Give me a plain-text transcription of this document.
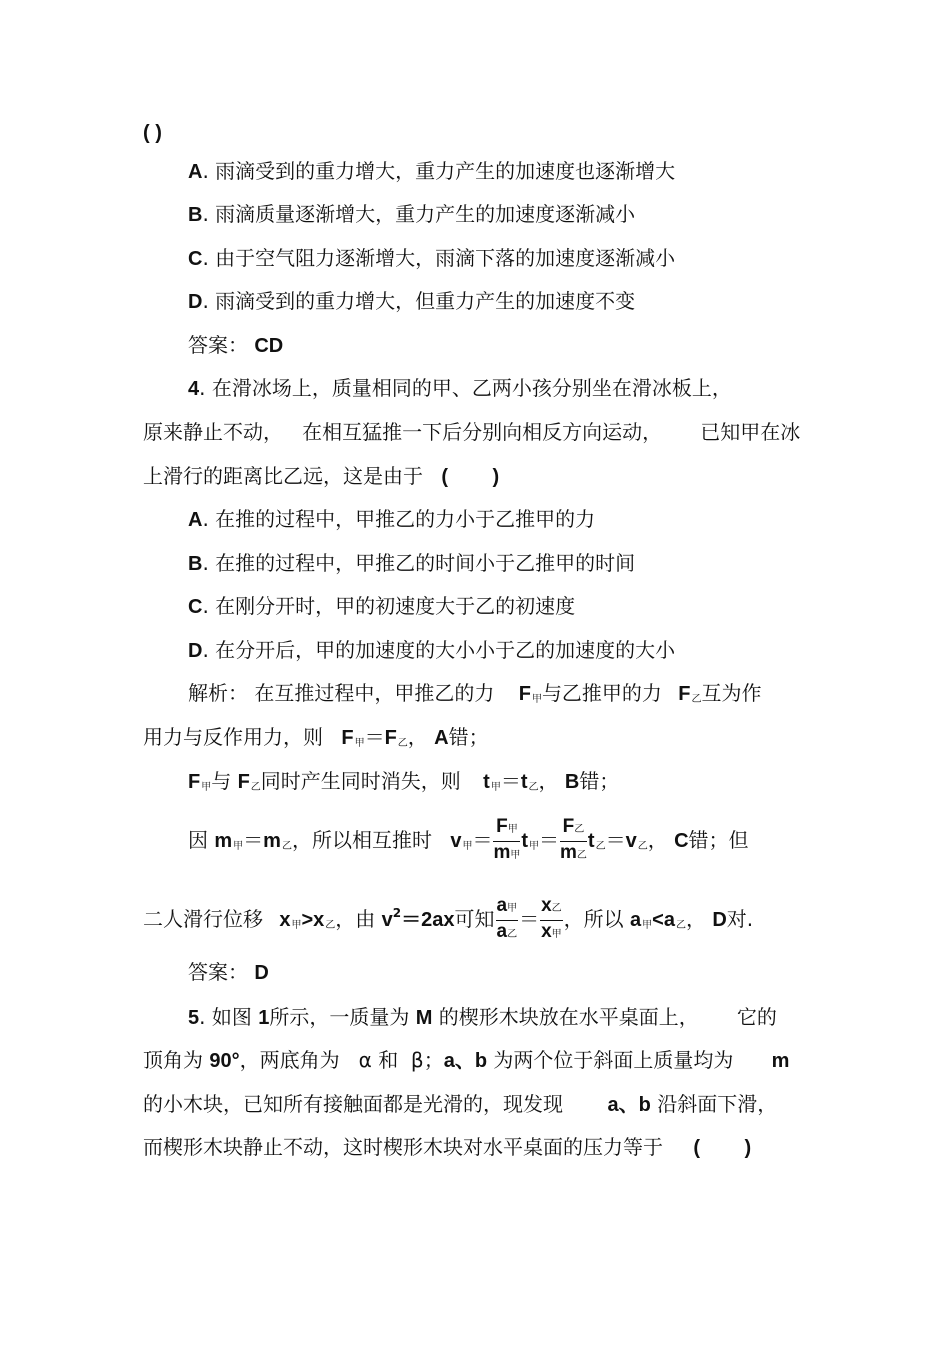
( )
A. 雨滴受到的重力增大，重力产生的加速度也逐渐增大
B. 雨滴质量逐渐增大，重力产生的加速度逐渐减小
C. 由于空气阻力逐渐增大，雨滴下落的加速度逐渐减小
D. 雨滴受到的重力增大，但重力产生的加速度不变
答案： CD
4. 在滑冰场上，质量相同的甲、乙两小孩分别坐在滑冰板上，
原来静止不动，   在相互猛推一下后分别向相反方向运动，      已知甲在冰
上滑行的距离比乙远，这是由于 (        )
A. 在推的过程中，甲推乙的力小于乙推甲的力
B. 在推的过程中，甲推乙的时间小于乙推甲的时间
C. 在刚分开时，甲的初速度大于乙的初速度
D. 在分开后，甲的加速度的大小小于乙的加速度的大小
解析： 在互推过程中，甲推乙的力 $F_甲$与乙推甲的力 $F_乙$互为作
用力与反作用力，则 $F_甲=F_乙$， A错；
$F_甲$与 $F_乙$同时产生同时消失，则 $t_甲=t_乙$， B错；
因 $m_甲=m_乙$，所以相互推时 $v_甲= \frac{\text{F甲}}{\text{m甲}} t_甲= \frac{\text{F乙}}{\text{m乙}} t_乙=v_乙$， C错；但
二人滑行位移 $x_甲>x_乙$，由 $v^2=2ax$可知 $\frac{\text{a甲}}{\text{a乙}} = \frac{\text{x乙}}{\text{x甲}}$ ，所以 $a_甲<a_乙$， D对.
答案： D
5. 如图 1所示，一质量为 M 的楔形木块放在水平桌面上，      它的
顶角为 90°，两底角为   α 和  β；a、b 为两个位于斜面上质量均为 m
的小木块，已知所有接触面都是光滑的，现发现 a、b 沿斜面下滑，
而楔形木块静止不动，这时楔形木块对水平桌面的压力等于 (        )
